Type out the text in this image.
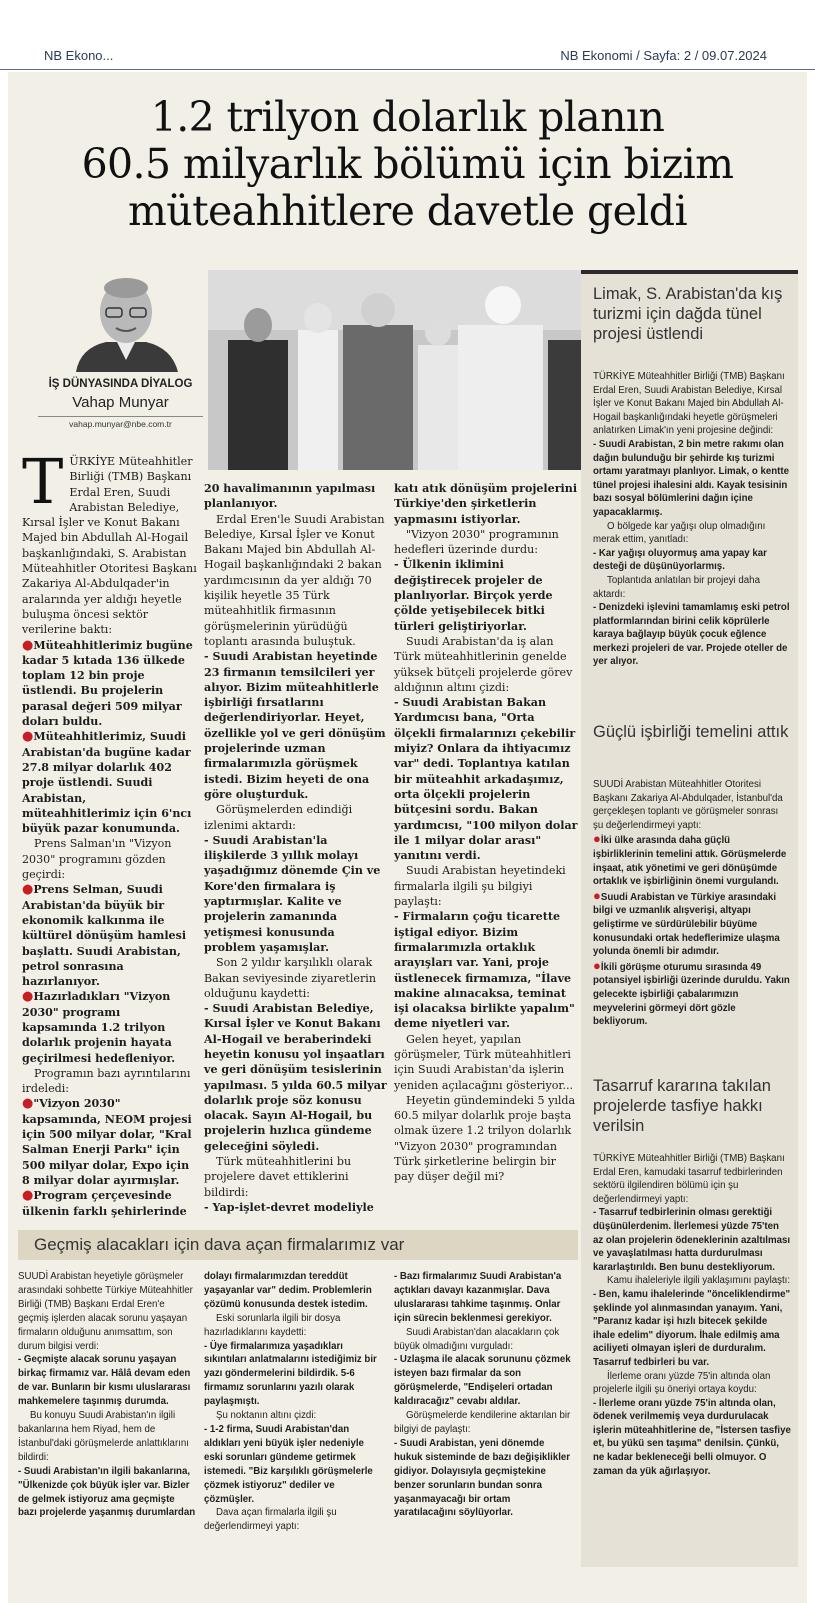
NB Ekono...	NB Ekonomi / Sayfa: 2 / 09.07.2024
1.2 trilyon dolarlık planın
60.5 milyarlık bölümü için bizim
müteahhitlere davetle geldi
İŞ DÜNYASINDA DİYALOG
Vahap Munyar
vahap.munyar@nbe.com.tr
T ÜRKİYE Müteahhitler Birliği (TMB) Başkanı Erdal Eren, Suudi Arabistan Belediye, Kırsal İşler ve Konut Bakanı Majed bin Abdullah Al-Hogail başkanlığındaki, S. Arabistan Müteahhitler Otoritesi Başkanı Zakariya Al-Abdulqader'in aralarında yer aldığı heyetle buluşma öncesi sektör verilerine baktı:

●Müteahhitlerimiz bugüne kadar 5 kıtada 136 ülkede toplam 12 bin proje üstlendi. Bu projelerin parasal değeri 509 milyar doları buldu.

●Müteahhitlerimiz, Suudi Arabistan'da bugüne kadar 27.8 milyar dolarlık 402 proje üstlendi. Suudi Arabistan, müteahhitlerimiz için 6'ncı büyük pazar konumunda.

Prens Salman'ın "Vizyon 2030" programını gözden geçirdi:

●Prens Selman, Suudi Arabistan'da büyük bir ekonomik kalkınma ile kültürel dönüşüm hamlesi başlattı. Suudi Arabistan, petrol sonrasına hazırlanıyor.

●Hazırladıkları "Vizyon 2030" programı kapsamında 1.2 trilyon dolarlık projenin hayata geçirilmesi hedefleniyor.

Programın bazı ayrıntılarını irdeledi:

●"Vizyon 2030" kapsamında, NEOM projesi için 500 milyar dolar, "Kral Salman Enerji Parkı" için 500 milyar dolar, Expo için 8 milyar dolar ayırmışlar.

●Program çerçevesinde ülkenin farklı şehirlerinde

20 havalimanının yapılması planlanıyor.

Erdal Eren'le Suudi Arabistan Belediye, Kırsal İşler ve Konut Bakanı Majed bin Abdullah Al-Hogail başkanlığındaki 2 bakan yardımcısının da yer aldığı 70 kişilik heyetle 35 Türk müteahhitlik firmasının görüşmelerinin yürüdüğü toplantı arasında buluştuk.

- Suudi Arabistan heyetinde 23 firmanın temsilcileri yer alıyor. Bizim müteahhitlerle işbirliği fırsatlarını değerlendiriyorlar. Heyet, özellikle yol ve geri dönüşüm projelerinde uzman firmalarımızla görüşmek istedi. Bizim heyeti de ona göre oluşturduk.

Görüşmelerden edindiği izlenimi aktardı:

- Suudi Arabistan'la ilişkilerde 3 yıllık molayı yaşadığımız dönemde Çin ve Kore'den firmalara iş yaptırmışlar. Kalite ve projelerin zamanında yetişmesi konusunda problem yaşamışlar.

Son 2 yıldır karşılıklı olarak Bakan seviyesinde ziyaretlerin olduğunu kaydetti:

- Suudi Arabistan Belediye, Kırsal İşler ve Konut Bakanı Al-Hogail ve beraberindeki heyetin konusu yol inşaatları ve geri dönüşüm tesislerinin yapılması. 5 yılda 60.5 milyar dolarlık proje söz konusu olacak. Sayın Al-Hogail, bu projelerin hızlıca gündeme geleceğini söyledi.

Türk müteahhitlerini bu projelere davet ettiklerini bildirdi:

- Yap-işlet-devret modeliyle

katı atık dönüşüm projelerini Türkiye'den şirketlerin yapmasını istiyorlar.

"Vizyon 2030" programının hedefleri üzerinde durdu:

- Ülkenin iklimini değiştirecek projeler de planlıyorlar. Birçok yerde çölde yetişebilecek bitki türleri geliştiriyorlar.

Suudi Arabistan'da iş alan Türk müteahhitlerinin genelde yüksek bütçeli projelerde görev aldığının altını çizdi:

- Suudi Arabistan Bakan Yardımcısı bana, "Orta ölçekli firmalarınızı çekebilir miyiz? Onlara da ihtiyacımız var" dedi. Toplantıya katılan bir müteahhit arkadaşımız, orta ölçekli projelerin bütçesini sordu. Bakan yardımcısı, "100 milyon dolar ile 1 milyar dolar arası" yanıtını verdi.

Suudi Arabistan heyetindeki firmalarla ilgili şu bilgiyi paylaştı:

- Firmaların çoğu ticarette iştigal ediyor. Bizim firmalarımızla ortaklık arayışları var. Yani, proje üstlenecek firmamıza, "İlave makine alınacaksa, teminat işi olacaksa birlikte yapalım" deme niyetleri var.

Gelen heyet, yapılan görüşmeler, Türk müteahhitleri için Suudi Arabistan'da işlerin yeniden açılacağını gösteriyor...

Heyetin gündemindeki 5 yılda 60.5 milyar dolarlık proje başta olmak üzere 1.2 trilyon dolarlık "Vizyon 2030" programından Türk şirketlerine belirgin bir pay düşer değil mi?

Limak, S. Arabistan'da kış turizmi için dağda tünel projesi üstlendi

TÜRKİYE Müteahhitler Birliği (TMB) Başkanı Erdal Eren, Suudi Arabistan Belediye, Kırsal İşler ve Konut Bakanı Majed bin Abdullah Al-Hogail başkanlığındaki heyetle görüşmeleri anlatırken Limak'ın yeni projesine değindi:

- Suudi Arabistan, 2 bin metre rakımı olan dağın bulunduğu bir şehirde kış turizmi ortamı yaratmayı planlıyor. Limak, o kentte tünel projesi ihalesini aldı. Kayak tesisinin bazı sosyal bölümlerini dağın içine yapacaklarmış.

O bölgede kar yağışı olup olmadığını merak ettim, yanıtladı:

- Kar yağışı oluyormuş ama yapay kar desteği de düşünüyorlarmış.

Toplantıda anlatılan bir projeyi daha aktardı:

- Denizdeki işlevini tamamlamış eski petrol platformlarından birini celik köprülerle karaya bağlayıp büyük çocuk eğlence merkezi projeleri de var. Projede oteller de yer alıyor.

Güçlü işbirliği temelini attık

SUUDİ Arabistan Müteahhitler Otoritesi Başkanı Zakariya Al-Abdulqader, İstanbul'da gerçekleşen toplantı ve görüşmeler sonrası şu değerlendirmeyi yaptı:

●İki ülke arasında daha güçlü işbirliklerinin temelini attık. Görüşmelerde inşaat, atık yönetimi ve geri dönüşümde ortaklık ve işbirliğinin önemi vurgulandı.

●Suudi Arabistan ve Türkiye arasındaki bilgi ve uzmanlık alışverişi, altyapı geliştirme ve sürdürülebilir büyüme konusundaki ortak hedeflerimize ulaşma yolunda önemli bir adımdır.

●İkili görüşme oturumu sırasında 49 potansiyel işbirliği üzerinde duruldu. Yakın gelecekte işbirliği çabalarımızın meyvelerini görmeyi dört gözle bekliyorum.

Tasarruf kararına takılan projelerde tasfiye hakkı verilsin

TÜRKİYE Müteahhitler Birliği (TMB) Başkanı Erdal Eren, kamudaki tasarruf tedbirlerinden sektörü ilgilendiren bölümü için şu değerlendirmeyi yaptı:

- Tasarruf tedbirlerinin olması gerektiği düşünülerdenim. İlerlemesi yüzde 75'ten az olan projelerin ödeneklerinin azaltılması ve yavaşlatılması hatta durdurulması kararlaştırıldı. Ben bunu destekliyorum.

Kamu ihaleleriyle ilgili yaklaşımını paylaştı:

- Ben, kamu ihalelerinde "önceliklendirme" şeklinde yol alınmasından yanayım. Yani, "Paranız kadar işi hızlı bitecek şekilde ihale edelim" diyorum. İhale edilmiş ama aciliyeti olmayan işleri de durduralım. Tasarruf tedbirleri bu var.

İlerleme oranı yüzde 75'in altında olan projelerle ilgili şu öneriyi ortaya koydu:

- İlerleme oranı yüzde 75'in altında olan, ödenek verilmemiş veya durdurulacak işlerin müteahhitlerine de, "İstersen tasfiye et, bu yükü sen taşıma" denilsin. Çünkü, ne kadar bekleneceği belli olmuyor. O zaman da yük ağırlaşıyor.

Geçmiş alacakları için dava açan firmalarımız var

SUUDİ Arabistan heyetiyle görüşmeler arasındaki sohbette Türkiye Müteahhitler Birliği (TMB) Başkanı Erdal Eren'e geçmiş işlerden alacak sorunu yaşayan firmaların olduğunu anımsattım, son durum bilgisi verdi:

- Geçmişte alacak sorunu yaşayan birkaç firmamız var. Hâlâ devam eden de var. Bunların bir kısmı uluslararası mahkemelere taşınmış durumda.

Bu konuyu Suudi Arabistan'ın ilgili bakanlarına hem Riyad, hem de İstanbul'daki görüşmelerde anlattıklarını bildirdi:

- Suudi Arabistan'ın ilgili bakanlarına, "Ülkenizde çok büyük işler var. Bizler de gelmek istiyoruz ama geçmişte bazı projelerde yaşanmış durumlardan

dolayı firmalarımızdan tereddüt yaşayanlar var" dedim. Problemlerin çözümü konusunda destek istedim.

Eski sorunlarla ilgili bir dosya hazırladıklarını kaydetti:

- Üye firmalarımıza yaşadıkları sıkıntıları anlatmalarını istediğimiz bir yazı göndermelerini bildirdik. 5-6 firmamız sorunlarını yazılı olarak paylaşmıştı.

Şu noktanın altını çizdi:

- 1-2 firma, Suudi Arabistan'dan aldıkları yeni büyük işler nedeniyle eski sorunları gündeme getirmek istemedi. "Biz karşılıklı görüşmelerle çözmek istiyoruz" dediler ve çözmüşler.

Dava açan firmalarla ilgili şu değerlendirmeyi yaptı:

- Bazı firmalarımız Suudi Arabistan'a açtıkları davayı kazanmışlar. Dava uluslararası tahkime taşınmış. Onlar için sürecin beklenmesi gerekiyor.

Suudi Arabistan'dan alacakların çok büyük olmadığını vurguladı:

- Uzlaşma ile alacak sorununu çözmek isteyen bazı firmalar da son görüşmelerde, "Endişeleri ortadan kaldıracağız" cevabı aldılar.

Görüşmelerde kendilerine aktarılan bir bilgiyi de paylaştı:

- Suudi Arabistan, yeni dönemde hukuk sisteminde de bazı değişiklikler gidiyor. Dolayısıyla geçmiştekine benzer sorunların bundan sonra yaşanmayacağı bir ortam yaratılacağını söylüyorlar.
